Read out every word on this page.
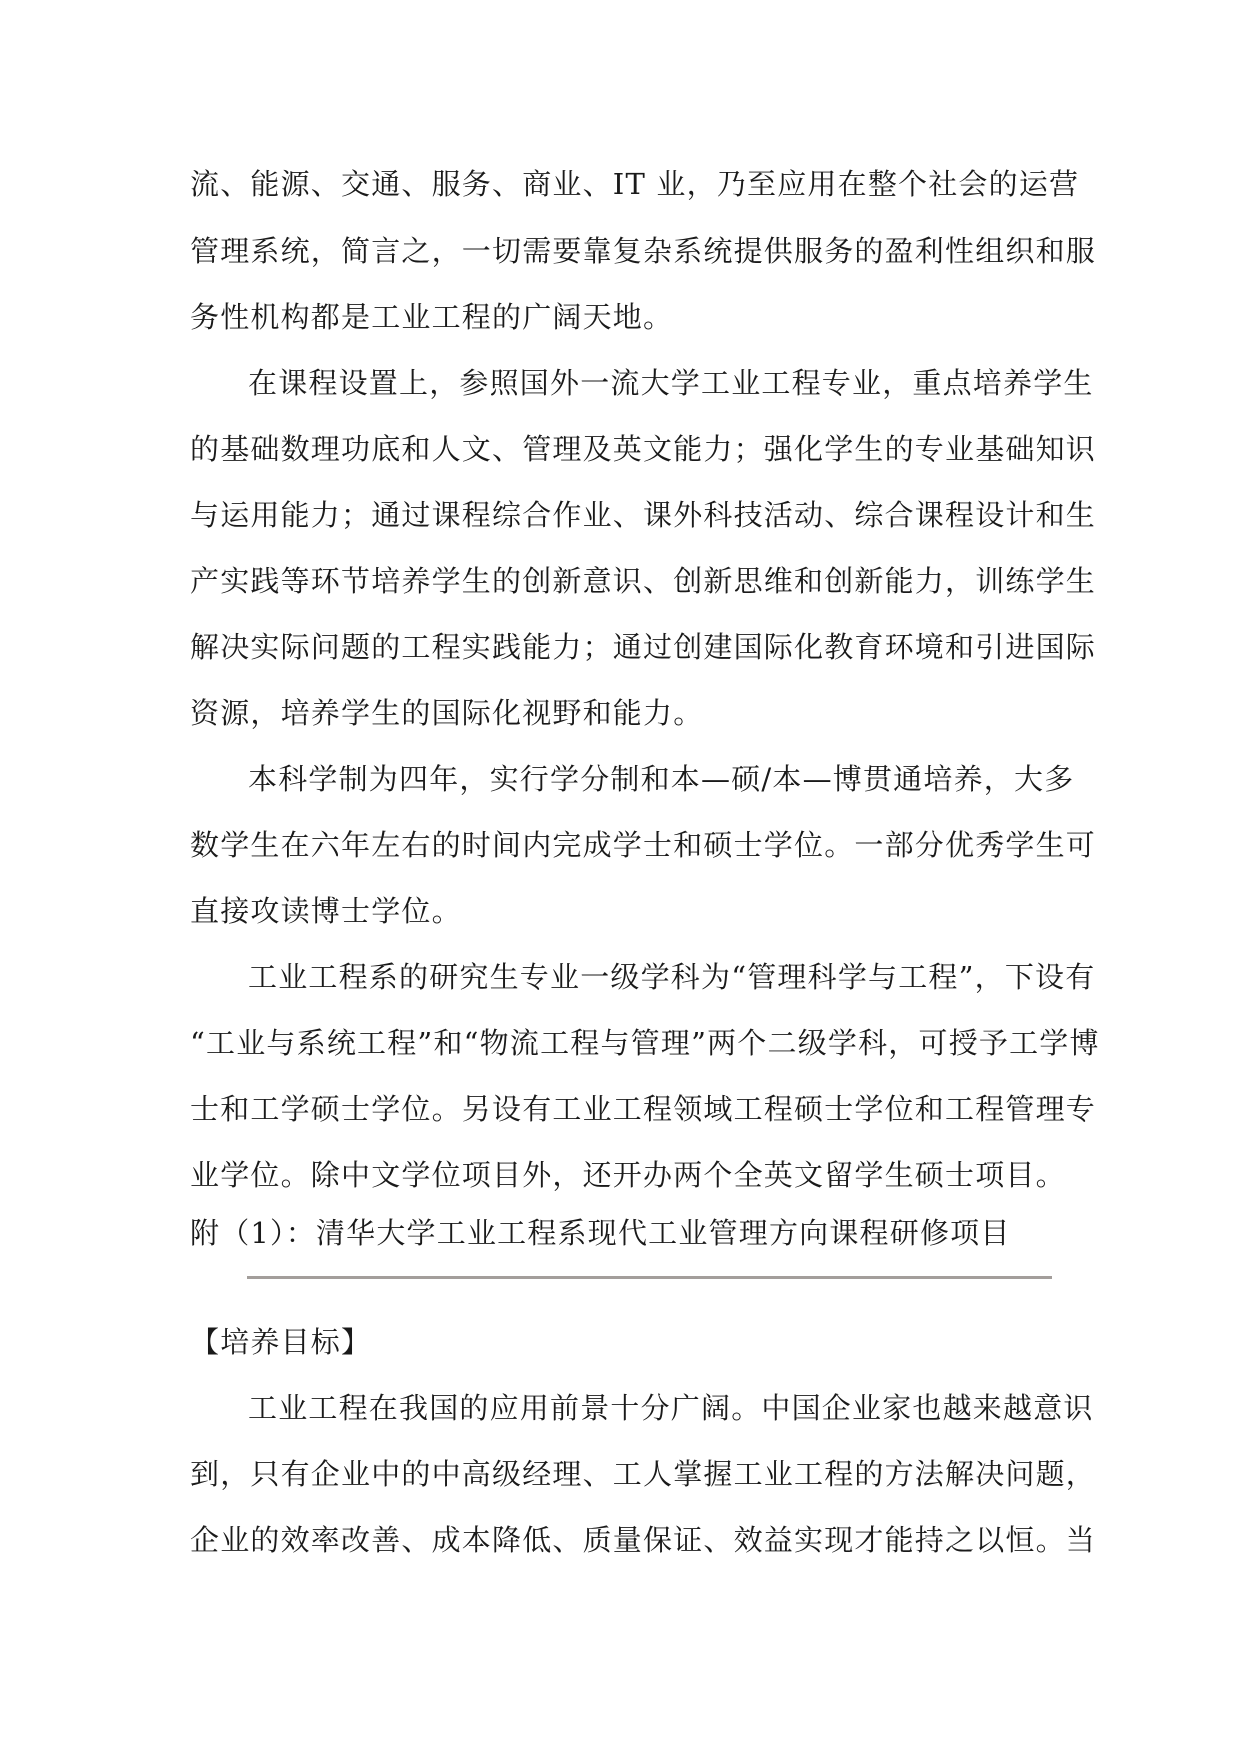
流、能源、交通、服务、商业、IT 业，乃至应用在整个社会的运营
管理系统，简言之，一切需要靠复杂系统提供服务的盈利性组织和服
务性机构都是工业工程的广阔天地。
在课程设置上，参照国外一流大学工业工程专业，重点培养学生
的基础数理功底和人文、管理及英文能力；强化学生的专业基础知识
与运用能力；通过课程综合作业、课外科技活动、综合课程设计和生
产实践等环节培养学生的创新意识、创新思维和创新能力，训练学生
解决实际问题的工程实践能力；通过创建国际化教育环境和引进国际
资源，培养学生的国际化视野和能力。
本科学制为四年，实行学分制和本—硕/本—博贯通培养，大多
数学生在六年左右的时间内完成学士和硕士学位。一部分优秀学生可
直接攻读博士学位。
工业工程系的研究生专业一级学科为“管理科学与工程”，下设有
“工业与系统工程”和“物流工程与管理”两个二级学科，可授予工学博
士和工学硕士学位。另设有工业工程领域工程硕士学位和工程管理专
业学位。除中文学位项目外，还开办两个全英文留学生硕士项目。
附（1）：清华大学工业工程系现代工业管理方向课程研修项目
【培养目标】
工业工程在我国的应用前景十分广阔。中国企业家也越来越意识
到，只有企业中的中高级经理、工人掌握工业工程的方法解决问题，
企业的效率改善、成本降低、质量保证、效益实现才能持之以恒。当
